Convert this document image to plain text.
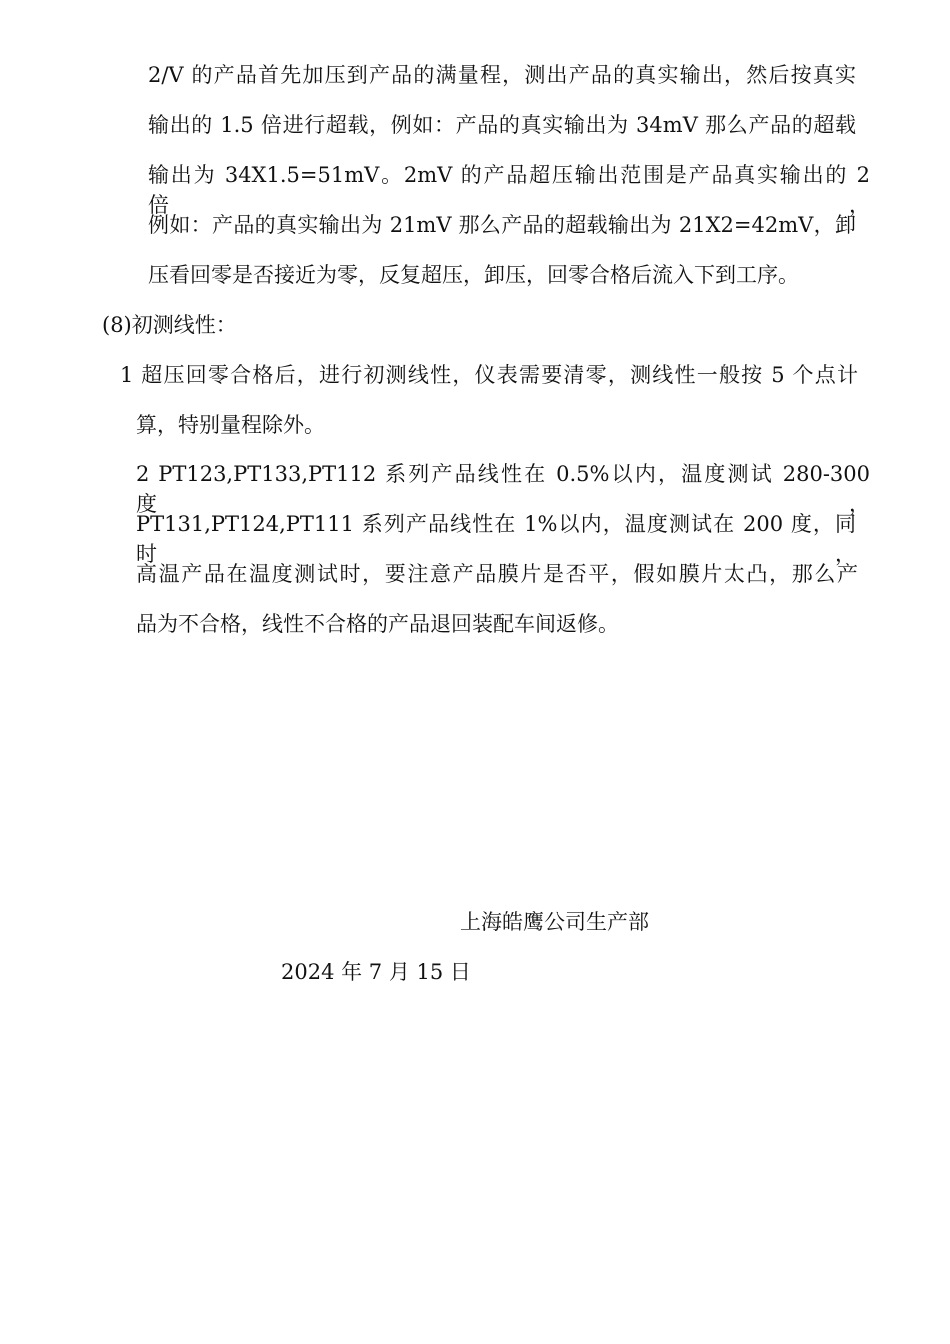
2/V 的产品首先加压到产品的满量程，测出产品的真实输出，然后按真实
输出的 1.5 倍进行超载，例如：产品的真实输出为 34mV 那么产品的超载
输出为 34X1.5=51mV。2mV 的产品超压输出范围是产品真实输出的 2 倍，
例如：产品的真实输出为 21mV 那么产品的超载输出为 21X2=42mV，卸
压看回零是否接近为零，反复超压，卸压，回零合格后流入下到工序。
(8)初测线性：
1 超压回零合格后，进行初测线性，仪表需要清零，测线性一般按 5 个点计
算，特别量程除外。
2 PT123,PT133,PT112 系列产品线性在 0.5%以内，温度测试 280-300 度，
PT131,PT124,PT111 系列产品线性在 1%以内，温度测试在 200 度，同时，
高温产品在温度测试时，要注意产品膜片是否平，假如膜片太凸，那么产
品为不合格，线性不合格的产品退回装配车间返修。
上海皓鹰公司生产部
2024 年 7 月 15 日
